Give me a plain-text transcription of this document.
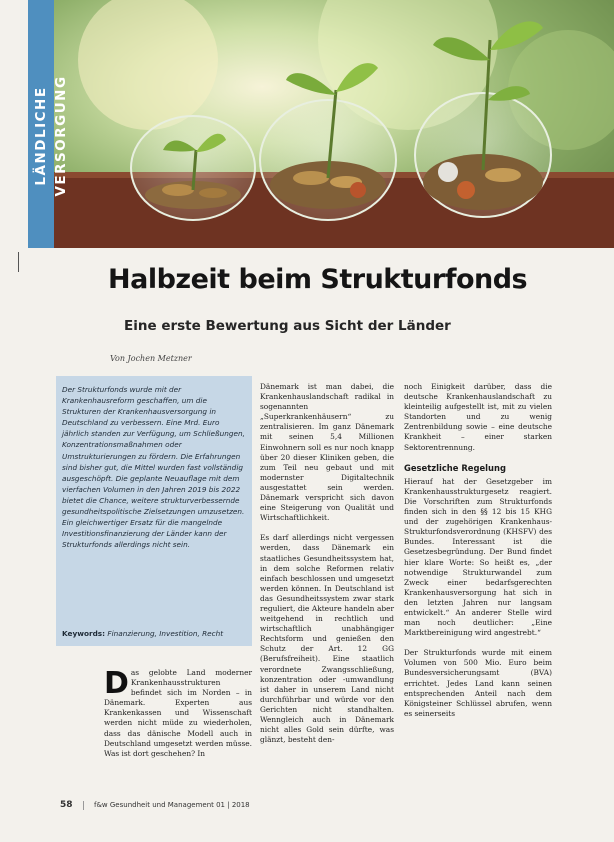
LÄNDLICHE VERSORGUNG
Halbzeit beim Strukturfonds
Eine erste Bewertung aus Sicht der Länder
Von Jochen Metzner

Der Strukturfonds wurde mit der Krankenhausreform geschaffen, um die Strukturen der Krankenhausversorgung in Deutschland zu verbessern. Eine Mrd. Euro jährlich standen zur Verfügung, um Schließungen, Konzentrationsmaßnahmen oder Umstrukturierungen zu fördern. Die Erfahrungen sind bisher gut, die Mittel wurden fast vollständig ausgeschöpft. Die geplante Neuauflage mit dem vierfachen Volumen in den Jahren 2019 bis 2022 bietet die Chance, weitere strukturverbessernde gesundheitspolitische Zielsetzungen umzusetzen. Ein gleichwertiger Ersatz für die mangelnde Investitionsfinanzierung der Länder kann der Strukturfonds allerdings nicht sein.

Keywords: Finanzierung, Investition, Recht
D as gelobte Land moderner Krankenhausstrukturen befindet sich im Norden – in Dänemark. Experten aus Krankenkassen und Wissenschaft werden nicht müde zu wiederholen, dass das dänische Modell auch in Deutschland umgesetzt werden müsse. Was ist dort geschehen? In

Dänemark ist man dabei, die Krankenhauslandschaft radikal in sogenannten „Superkrankenhäusern“ zu zentralisieren. Im ganz Dänemark mit seinen 5,4 Millionen Einwohnern soll es nur noch knapp über 20 dieser Kliniken geben, die zum Teil neu gebaut und mit modernster Digitaltechnik ausgestattet sein werden. Dänemark verspricht sich davon eine Steigerung von Qualität und Wirtschaftlichkeit.

Es darf allerdings nicht vergessen werden, dass Dänemark ein staatliches Gesundheitssystem hat, in dem solche Reformen relativ einfach beschlossen und umgesetzt werden können. In Deutschland ist das Gesundheitssystem zwar stark reguliert, die Akteure handeln aber weitgehend in rechtlich und wirtschaftlich unabhängiger Rechtsform und genießen den Schutz der Art. 12 GG (Berufsfreiheit). Eine staatlich verordnete Zwangsschließung, konzentration oder -umwandlung ist daher in unserem Land nicht durchführbar und würde vor den Gerichten nicht standhalten. Wenngleich auch in Dänemark nicht alles Gold sein dürfte, was glänzt, besteht den-

noch Einigkeit darüber, dass die deutsche Krankenhauslandschaft zu kleinteilig aufgestellt ist, mit zu vielen Standorten und zu wenig Zentrenbildung sowie – eine deutsche Krankheit – einer starken Sektorentrennung.

Gesetzliche Regelung

Hierauf hat der Gesetzgeber im Krankenhausstrukturgesetz reagiert. Die Vorschriften zum Strukturfonds finden sich in den §§ 12 bis 15 KHG und der zugehörigen Krankenhaus-Strukturfondsverordnung (KHSFV) des Bundes. Interessant ist die Gesetzesbegründung. Der Bund findet hier klare Worte: So heißt es, „der notwendige Strukturwandel zum Zweck einer bedarfsgerechten Krankenhausversorgung hat sich in den letzten Jahren nur langsam entwickelt.“ An anderer Stelle wird man noch deutlicher: „Eine Marktbereinigung wird angestrebt.“

Der Strukturfonds wurde mit einem Volumen von 500 Mio. Euro beim Bundesversicherungsamt (BVA) errichtet. Jedes Land kann seinen entsprechenden Anteil nach dem Königsteiner Schlüssel abrufen, wenn es seinerseits

58	f&w Gesundheit und Management 01 | 2018
